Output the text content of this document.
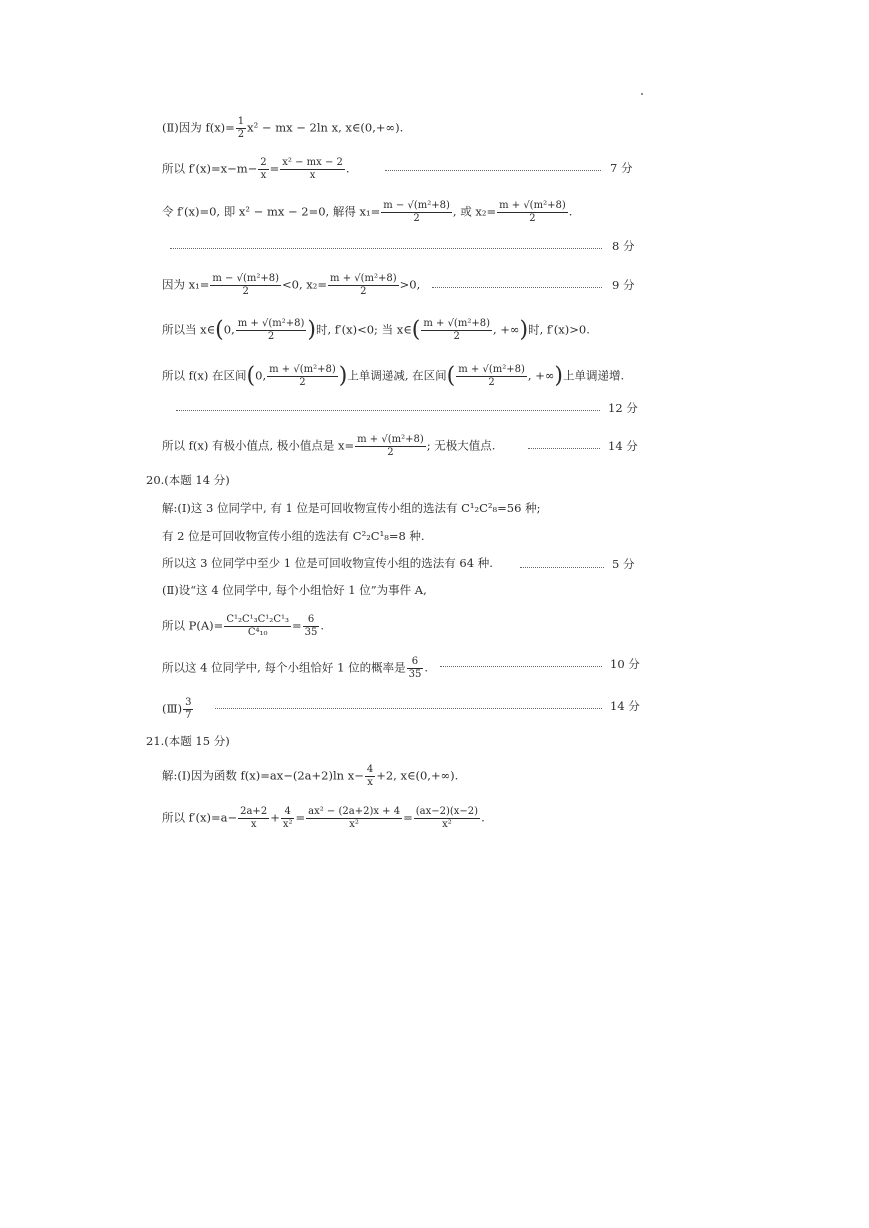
(Ⅱ)因为 $f(x)= \frac{1}{2} x^2$ − mx − 2ln x, x∈(0,+∞).
所以 $f'(x)=x-m- \frac{2}{x} = \frac{\text{x² − mx − 2}}{x}$ .	7 分
令 f′(x)=0, 即 x² − mx − 2=0, 解得 $x_1= \frac{\text{m − √(m²+8)}}{2}$ , 或 $x_2= \frac{\text{m + √(m²+8)}}{2}$ .
8 分
因为 $x_1= \frac{\text{m − √(m²+8)}}{2} <0$, $x_2= \frac{\text{m + √(m²+8)}}{2} >0$,	9 分
所以当 x∈(0, $\frac{\text{m + √(m²+8)}}{2}$ )时, f′(x)<0; 当 x∈( $\frac{\text{m + √(m²+8)}}{2}$ , +∞)时, f′(x)>0.
所以 f(x) 在区间(0, $\frac{\text{m + √(m²+8)}}{2}$ )上单调递减, 在区间( $\frac{\text{m + √(m²+8)}}{2}$ , +∞)上单调递增.
12 分
所以 f(x) 有极小值点, 极小值点是 $x= \frac{\text{m + √(m²+8)}}{2}$ ; 无极大值点.	14 分
20.(本题 14 分)
解:(Ⅰ)这 3 位同学中, 有 1 位是可回收物宣传小组的选法有 C¹₂C²₈=56 种;
有 2 位是可回收物宣传小组的选法有 C²₂C¹₈=8 种.
所以这 3 位同学中至少 1 位是可回收物宣传小组的选法有 64 种.	5 分
(Ⅱ)设“这 4 位同学中, 每个小组恰好 1 位”为事件 A,
所以 $P(A)= \frac{\text{C¹₂C¹₃C¹₂C¹₃}}{\text{C⁴₁₀}} = \frac{6}{35}$ .
所以这 4 位同学中, 每个小组恰好 1 位的概率是 $\frac{6}{35}$ .	10 分
(Ⅲ) $\frac{3}{7}$	14 分
21.(本题 15 分)
解:(Ⅰ)因为函数 f(x)=ax−(2a+2)ln $x- \frac{4}{x} +2$, x∈(0,+∞).
所以 $f'(x)=a- \frac{2a+2}{x} + \frac{4}{\text{x²}} = \frac{\text{ax² − (2a+2)x + 4}}{\text{x²}} = \frac{(ax-2)(x-2)}{\text{x²}}$ .
